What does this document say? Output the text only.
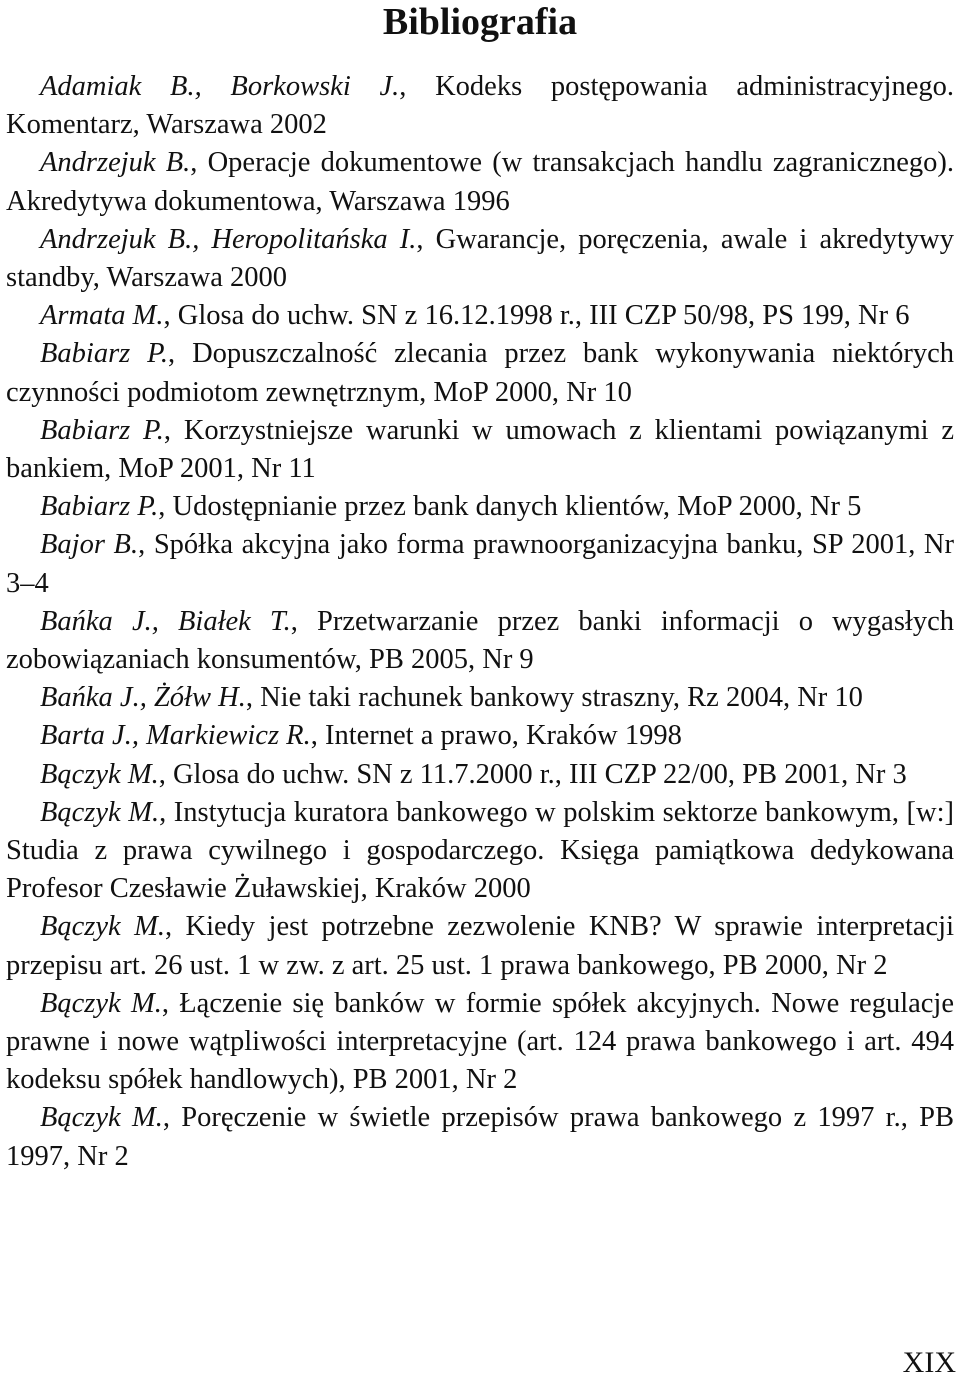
Bibliografia

Adamiak B., Borkowski J., Kodeks postępowania administracyjnego. Komentarz, Warszawa 2002

Andrzejuk B., Operacje dokumentowe (w transakcjach handlu zagranicznego). Akredytywa dokumentowa, Warszawa 1996

Andrzejuk B., Heropolitańska I., Gwarancje, poręczenia, awale i akredytywy standby, Warszawa 2000

Armata M., Glosa do uchw. SN z 16.12.1998 r., III CZP 50/98, PS 199, Nr 6

Babiarz P., Dopuszczalność zlecania przez bank wykonywania niektórych czynności podmiotom zewnętrznym, MoP 2000, Nr 10

Babiarz P., Korzystniejsze warunki w umowach z klientami powiązanymi z bankiem, MoP 2001, Nr 11

Babiarz P., Udostępnianie przez bank danych klientów, MoP 2000, Nr 5

Bajor B., Spółka akcyjna jako forma prawnoorganizacyjna banku, SP 2001, Nr 3–4

Bańka J., Białek T., Przetwarzanie przez banki informacji o wygasłych zobowiązaniach konsumentów, PB 2005, Nr 9

Bańka J., Żółw H., Nie taki rachunek bankowy straszny, Rz 2004, Nr 10

Barta J., Markiewicz R., Internet a prawo, Kraków 1998

Bączyk M., Glosa do uchw. SN z 11.7.2000 r., III CZP 22/00, PB 2001, Nr 3

Bączyk M., Instytucja kuratora bankowego w polskim sektorze bankowym, [w:] Studia z prawa cywilnego i gospodarczego. Księga pamiątkowa dedykowana Profesor Czesławie Żuławskiej, Kraków 2000

Bączyk M., Kiedy jest potrzebne zezwolenie KNB? W sprawie interpretacji przepisu art. 26 ust. 1 w zw. z art. 25 ust. 1 prawa bankowego, PB 2000, Nr 2

Bączyk M., Łączenie się banków w formie spółek akcyjnych. Nowe regulacje prawne i nowe wątpliwości interpretacyjne (art. 124 prawa bankowego i art. 494 kodeksu spółek handlowych), PB 2001, Nr 2

Bączyk M., Poręczenie w świetle przepisów prawa bankowego z 1997 r., PB 1997, Nr 2

XIX
